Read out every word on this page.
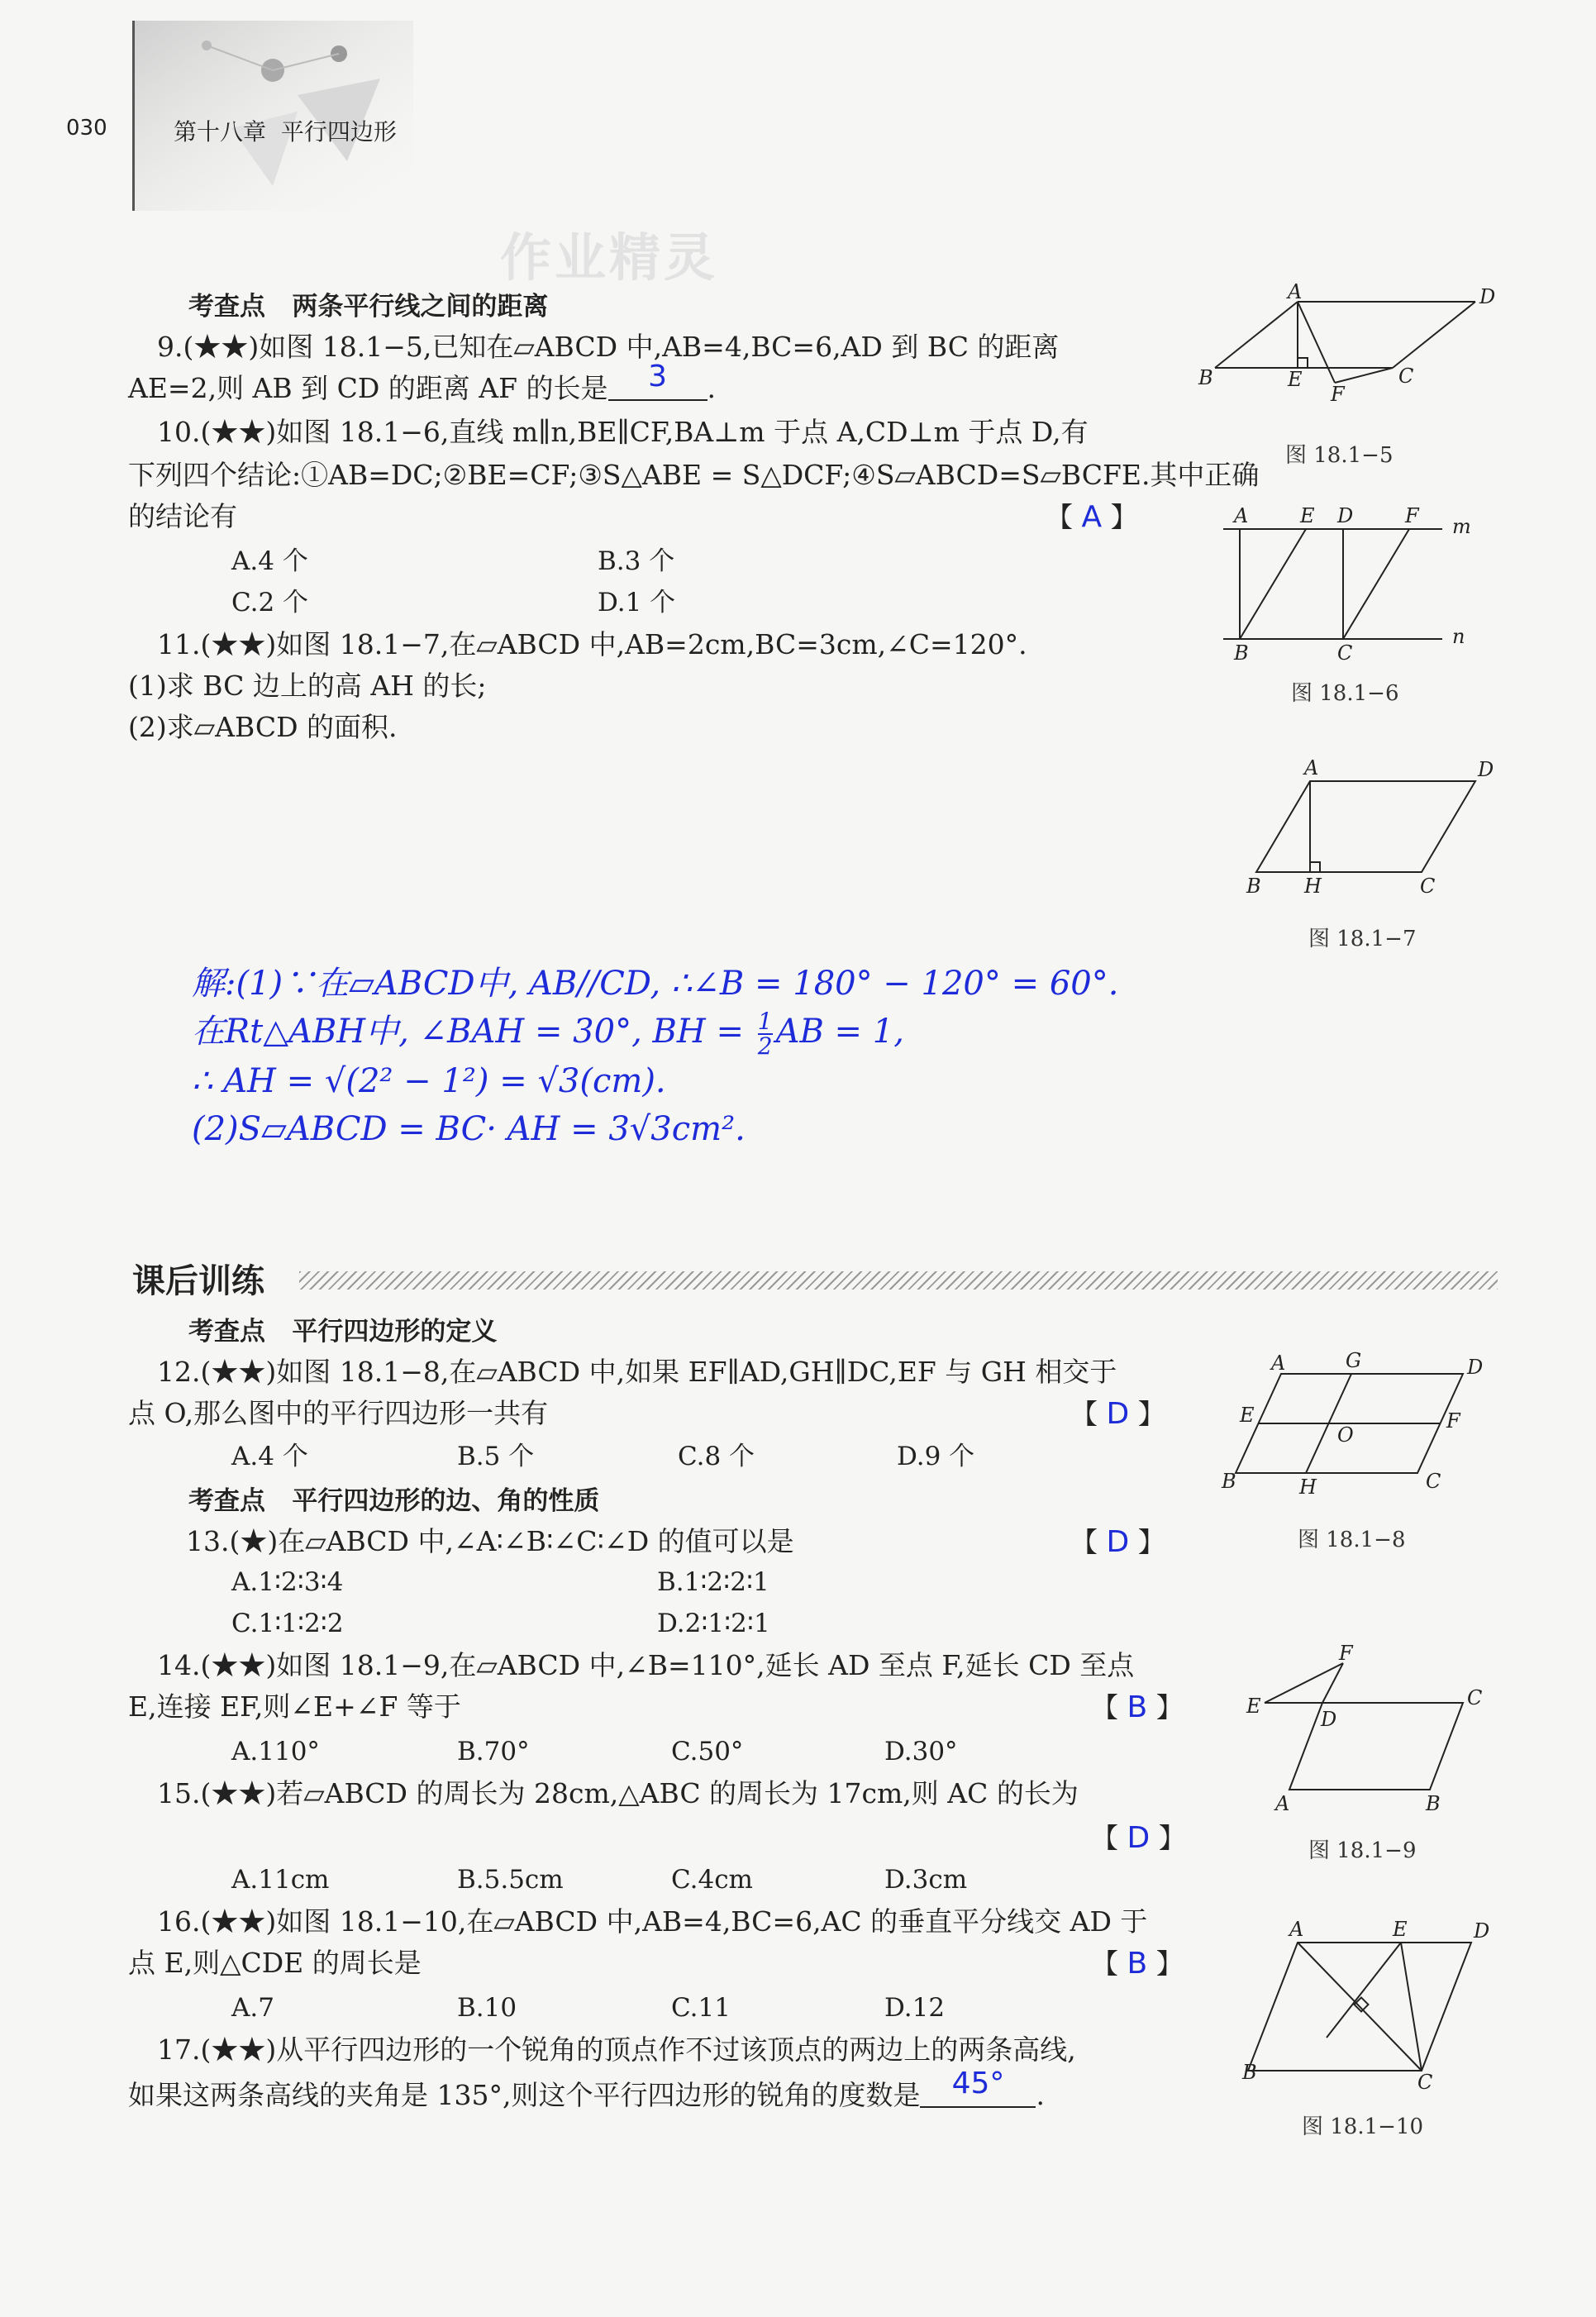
030	第十八章 平行四边形
作业精灵
考查点 两条平行线之间的距离
9.(★★)如图 18.1−5,已知在▱ABCD 中,AB=4,BC=6,AD 到 BC 的距离
AE=2,则 AB 到 CD 的距离 AF 的长是 3 .
10.(★★)如图 18.1−6,直线 m∥n,BE∥CF,BA⊥m 于点 A,CD⊥m 于点 D,有
下列四个结论:①AB=DC;②BE=CF;③S△ABE = S△DCF;④S▱ABCD=S▱BCFE.其中正确
的结论有	【 A 】
A.4 个	B.3 个
C.2 个	D.1 个
11.(★★)如图 18.1−7,在▱ABCD 中,AB=2cm,BC=3cm,∠C=120°.
(1)求 BC 边上的高 AH 的长;
(2)求▱ABCD 的面积.
解:(1)∵在▱ABCD中, AB//CD, ∴∠B = 180° − 120° = 60°.
在Rt△ABH中, ∠BAH = 30°, BH = $\frac{1}{2}$ AB = 1,
∴ AH = √(2² − 1²) = √3(cm).
(2)S▱ABCD = BC· AH = 3√3cm².
课后训练
考查点 平行四边形的定义
12.(★★)如图 18.1−8,在▱ABCD 中,如果 EF∥AD,GH∥DC,EF 与 GH 相交于
点 O,那么图中的平行四边形一共有	【 D 】
A.4 个	B.5 个	C.8 个	D.9 个
考查点 平行四边形的边、角的性质
13.(★)在▱ABCD 中,∠A∶∠B∶∠C∶∠D 的值可以是	【 D 】
A.1∶2∶3∶4	B.1∶2∶2∶1
C.1∶1∶2∶2	D.2∶1∶2∶1
14.(★★)如图 18.1−9,在▱ABCD 中,∠B=110°,延长 AD 至点 F,延长 CD 至点
E,连接 EF,则∠E+∠F 等于	【 B 】
A.110°	B.70°	C.50°	D.30°
15.(★★)若▱ABCD 的周长为 28cm,△ABC 的周长为 17cm,则 AC 的长为
【 D 】
A.11cm	B.5.5cm	C.4cm	D.3cm
16.(★★)如图 18.1−10,在▱ABCD 中,AB=4,BC=6,AC 的垂直平分线交 AD 于
点 E,则△CDE 的周长是	【 B 】
A.7	B.10	C.11	D.12
17.(★★)从平行四边形的一个锐角的顶点作不过该顶点的两边上的两条高线,
如果这两条高线的夹角是 135°,则这个平行四边形的锐角的度数是 45° .
A	D
B	E
F
C
图 18.1−5
A	E D	F m
B	C
n
图 18.1−6
A	D
B H	C
图 18.1−7
A	G	D
E
O
F
B	H	C
图 18.1−8
F
E
D
C
A	B
图 18.1−9
A	E	D
B	C
图 18.1−10
